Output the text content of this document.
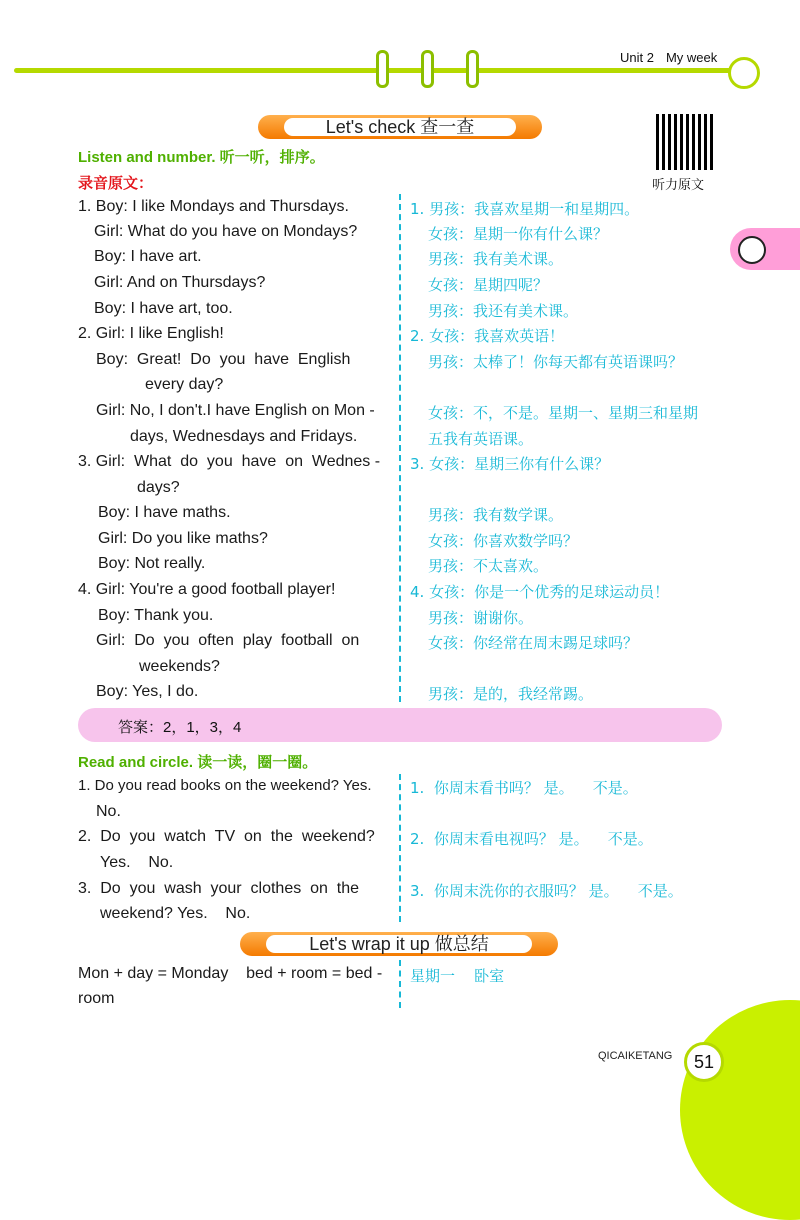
Unit 2 My week
Let's check 查一查
听力原文
Listen and number. 听一听，排序。
录音原文：
1. Boy: I like Mondays and Thursdays.	1. 男孩：我喜欢星期一和星期四。
Girl: What do you have on Mondays?	女孩：星期一你有什么课？
Boy: I have art.	男孩：我有美术课。
Girl: And on Thursdays?	女孩：星期四呢？
Boy: I have art, too.	男孩：我还有美术课。
2. Girl: I like English!	2. 女孩：我喜欢英语！
Boy:  Great!  Do  you  have  English	男孩：太棒了！你每天都有英语课吗？
every day?
Girl: No, I don't.I have English on Mon -	女孩：不，不是。星期一、星期三和星期
days, Wednesdays and Fridays.	五我有英语课。
3. Girl:  What  do  you  have  on  Wednes - 3. 女孩：星期三你有什么课？
days?
Boy: I have maths.	男孩：我有数学课。
Girl: Do you like maths?	女孩：你喜欢数学吗？
Boy: Not really.	男孩：不太喜欢。
4. Girl: You're a good football player!	4. 女孩：你是一个优秀的足球运动员！
Boy: Thank you.	男孩：谢谢你。
Girl:  Do  you  often  play  football  on	女孩：你经常在周末踢足球吗？
weekends?
Boy: Yes, I do.	男孩：是的，我经常踢。
答案：2，1，3，4
Read and circle. 读一读，圈一圈。
1. Do you read books on the weekend? Yes.	1.  你周末看书吗？ 是。    不是。
No.
2.  Do  you  watch  TV  on  the  weekend? 2.  你周末看电视吗？ 是。    不是。
Yes.    No.
3.  Do  you  wash  your  clothes  on  the	3.  你周末洗你的衣服吗？ 是。    不是。
weekend? Yes.    No.
Let's wrap it up 做总结
Mon + day = Monday    bed + room = bed - 星期一    卧室
room
QICAIKETANG	51
